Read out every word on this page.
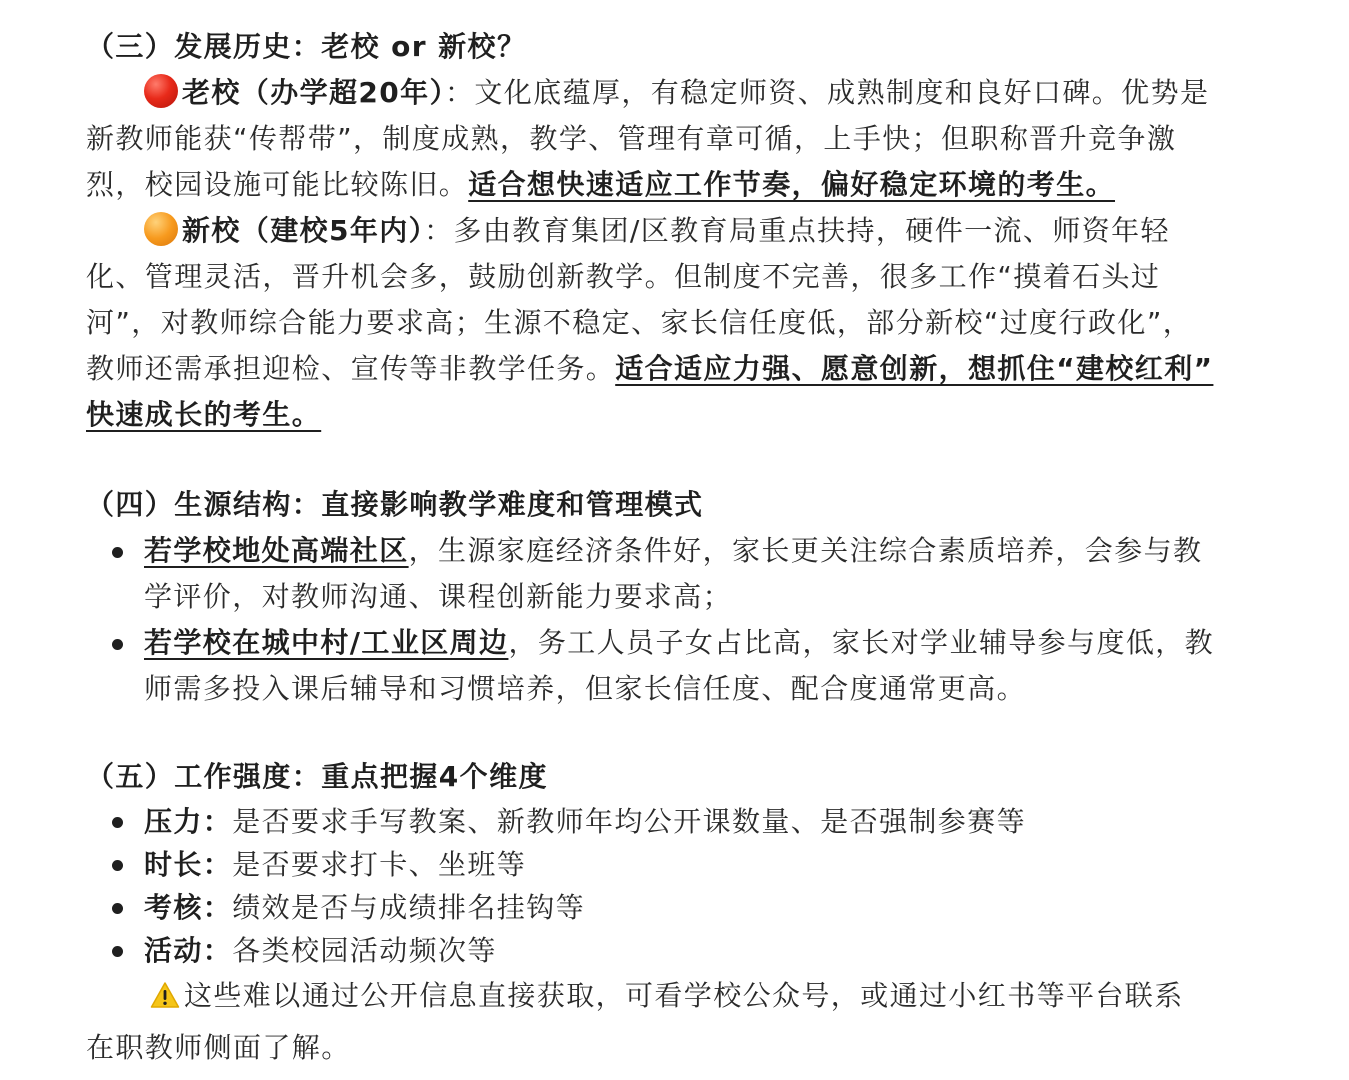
（三）发展历史：老校 or 新校？
老校（办学超20年）：文化底蕴厚，有稳定师资、成熟制度和良好口碑。优势是
新教师能获“传帮带”，制度成熟，教学、管理有章可循，上手快；但职称晋升竞争激
烈，校园设施可能比较陈旧。适合想快速适应工作节奏，偏好稳定环境的考生。
新校（建校5年内）：多由教育集团/区教育局重点扶持，硬件一流、师资年轻
化、管理灵活，晋升机会多，鼓励创新教学。但制度不完善，很多工作“摸着石头过
河”，对教师综合能力要求高；生源不稳定、家长信任度低，部分新校“过度行政化”，
教师还需承担迎检、宣传等非教学任务。适合适应力强、愿意创新，想抓住“建校红利”
快速成长的考生。
（四）生源结构：直接影响教学难度和管理模式
若学校地处高端社区，生源家庭经济条件好，家长更关注综合素质培养，会参与教
学评价，对教师沟通、课程创新能力要求高；
若学校在城中村/工业区周边，务工人员子女占比高，家长对学业辅导参与度低，教
师需多投入课后辅导和习惯培养，但家长信任度、配合度通常更高。
（五）工作强度：重点把握4个维度
压力：是否要求手写教案、新教师年均公开课数量、是否强制参赛等
时长：是否要求打卡、坐班等
考核：绩效是否与成绩排名挂钩等
活动：各类校园活动频次等
这些难以通过公开信息直接获取，可看学校公众号，或通过小红书等平台联系
在职教师侧面了解。
